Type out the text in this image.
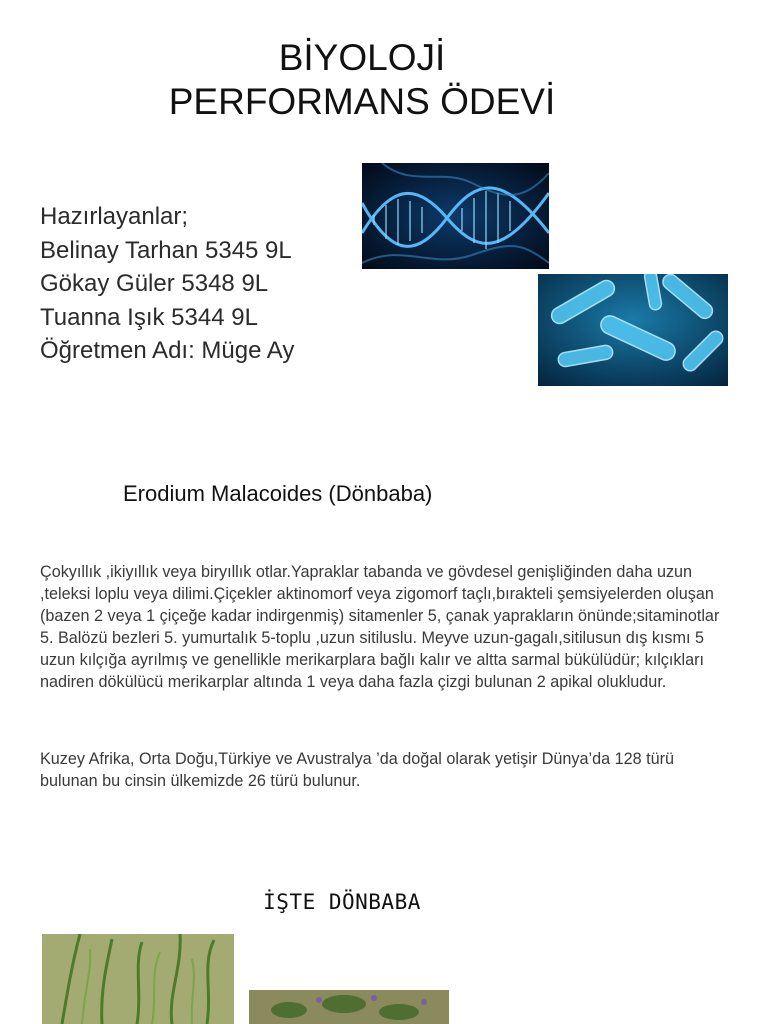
BİYOLOJİ
PERFORMANS ÖDEVİ
Hazırlayanlar;
Belinay Tarhan 5345 9L
Gökay Güler 5348 9L
Tuanna Işık 5344 9L
Öğretmen Adı: Müge Ay
Erodium Malacoides (Dönbaba)
Çokyıllık ,ikiyıllık veya biryıllık otlar.Yapraklar tabanda ve gövdesel genişliğinden daha uzun ,teleksi loplu veya dilimi.Çiçekler aktinomorf veya zigomorf taçlı,bırakteli şemsiyelerden oluşan (bazen 2 veya 1 çiçeğe kadar indirgenmiş) sitamenler 5, çanak yaprakların önünde;sitaminotlar 5. Balözü bezleri 5. yumurtalık 5-toplu ,uzun sitiluslu. Meyve uzun-gagalı,sitilusun dış kısmı 5 uzun kılçığa ayrılmış ve genellikle merikarplara bağlı kalır ve altta sarmal bükülüdür; kılçıkları nadiren dökülücü merikarplar altında 1 veya daha fazla çizgi bulunan 2 apikal olukludur.
Kuzey Afrika, Orta Doğu,Türkiye ve Avustralya ’da doğal olarak yetişir Dünya’da 128 türü bulunan bu cinsin ülkemizde 26 türü bulunur.
İŞTE DÖNBABA
